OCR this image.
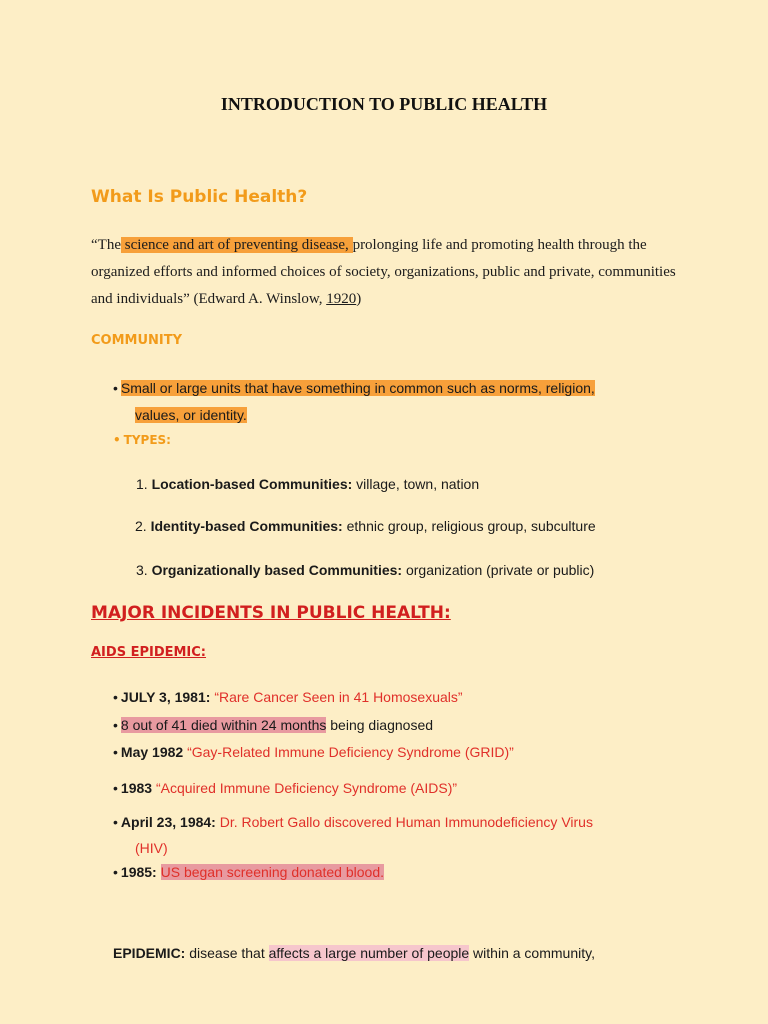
INTRODUCTION TO PUBLIC HEALTH
What Is Public Health?
“The science and art of preventing disease, prolonging life and promoting health through the organized efforts and informed choices of society, organizations, public and private, communities and individuals” (Edward A. Winslow, 1920)
COMMUNITY
• Small or large units that have something in common such as norms, religion,
values, or identity.
• TYPES:
1. Location-based Communities: village, town, nation
2. Identity-based Communities: ethnic group, religious group, subculture
3. Organizationally based Communities: organization (private or public)
MAJOR INCIDENTS IN PUBLIC HEALTH:
AIDS EPIDEMIC:
• JULY 3, 1981: “Rare Cancer Seen in 41 Homosexuals”
• 8 out of 41 died within 24 months being diagnosed
• May 1982 “Gay-Related Immune Deficiency Syndrome (GRID)”
• 1983 “Acquired Immune Deficiency Syndrome (AIDS)”
• April 23, 1984: Dr. Robert Gallo discovered Human Immunodeficiency Virus
(HIV)
• 1985: US began screening donated blood.
EPIDEMIC: disease that affects a large number of people within a community,
